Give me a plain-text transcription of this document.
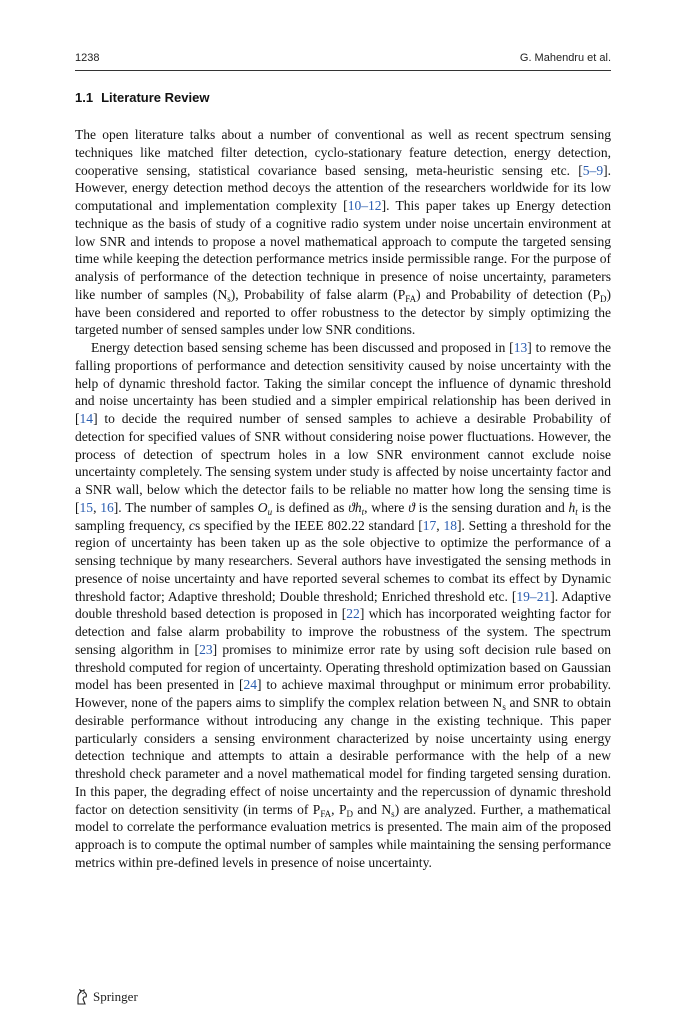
1238	G. Mahendru et al.
1.1 Literature Review

The open literature talks about a number of conventional as well as recent spectrum sensing techniques like matched filter detection, cyclo-stationary feature detection, energy detection, cooperative sensing, statistical covariance based sensing, meta-heuristic sensing etc. [5–9]. However, energy detection method decoys the attention of the researchers worldwide for its low computational and implementation complexity [10–12]. This paper takes up Energy detection technique as the basis of study of a cognitive radio system under noise uncertain environment at low SNR and intends to propose a novel mathematical approach to compute the targeted sensing time while keeping the detection performance metrics inside permissible range. For the purpose of analysis of performance of the detection technique in presence of noise uncertainty, parameters like number of samples $(N_s)$, Probability of false alarm $(P_{FA})$ and Probability of detection $(P_D)$ have been considered and reported to offer robustness to the detector by simply optimizing the targeted number of sensed samples under low SNR conditions.

Energy detection based sensing scheme has been discussed and proposed in [13] to remove the falling proportions of performance and detection sensitivity caused by noise uncertainty with the help of dynamic threshold factor. Taking the similar concept the influence of dynamic threshold and noise uncertainty has been studied and a simpler empirical relationship has been derived in [14] to decide the required number of sensed samples to achieve a desirable Probability of detection for specified values of SNR without considering noise power fluctuations. However, the process of detection of spectrum holes in a low SNR environment cannot exclude noise uncertainty completely. The sensing system under study is affected by noise uncertainty factor and a SNR wall, below which the detector fails to be reliable no matter how long the sensing time is [15, 16]. The number of samples $O_u$ is defined as $ϑh_t$, where ϑ is the sensing duration and $h_t$ is the sampling frequency, cs specified by the IEEE 802.22 standard [17, 18]. Setting a threshold for the region of uncertainty has been taken up as the sole objective to optimize the performance of a sensing technique by many researchers. Several authors have investigated the sensing methods in presence of noise uncertainty and have reported several schemes to combat its effect by Dynamic threshold factor; Adaptive threshold; Double threshold; Enriched threshold etc. [19–21]. Adaptive double threshold based detection is proposed in [22] which has incorporated weighting factor for detection and false alarm probability to improve the robustness of the system. The spectrum sensing algorithm in [23] promises to minimize error rate by using soft decision rule based on threshold computed for region of uncertainty. Operating threshold optimization based on Gaussian model has been presented in [24] to achieve maximal throughput or minimum error probability. However, none of the papers aims to simplify the complex relation between $N_s$ and SNR to obtain desirable performance without introducing any change in the existing technique. This paper particularly considers a sensing environment characterized by noise uncertainty using energy detection technique and attempts to attain a desirable performance with the help of a new threshold check parameter and a novel mathematical model for finding targeted sensing duration. In this paper, the degrading effect of noise uncertainty and the repercussion of dynamic threshold factor on detection sensitivity (in terms of $P_{FA}$, $P_D$ and $N_s$) are analyzed. Further, a mathematical model to correlate the performance evaluation metrics is presented. The main aim of the proposed approach is to compute the optimal number of samples while maintaining the sensing performance metrics within pre-defined levels in presence of noise uncertainty.

Springer
